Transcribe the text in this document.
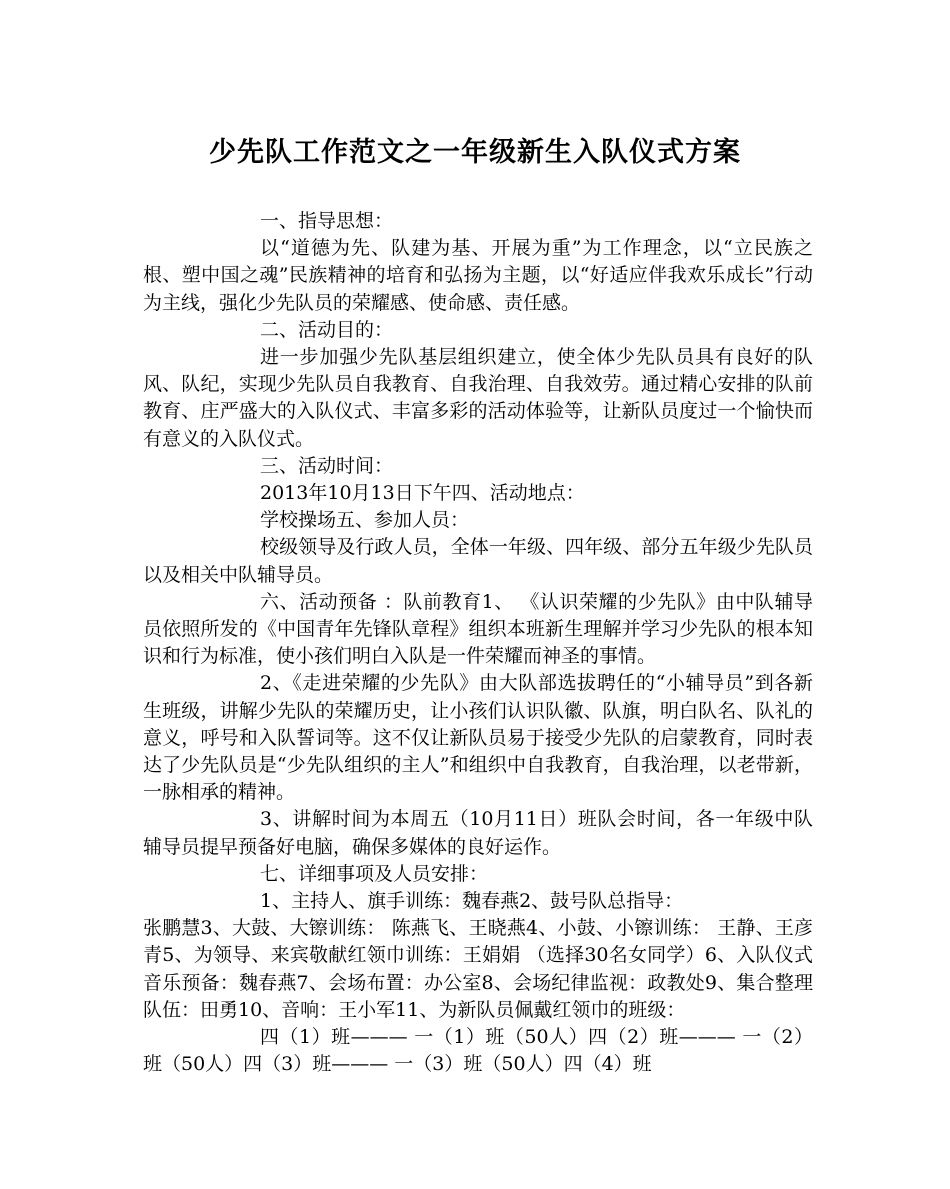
少先队工作范文之一年级新生入队仪式方案

一、指导思想：

以“道德为先、队建为基、开展为重”为工作理念，以“立民族之根、塑中国之魂”民族精神的培育和弘扬为主题，以“好适应伴我欢乐成长”行动为主线，强化少先队员的荣耀感、使命感、责任感。

二、活动目的：

进一步加强少先队基层组织建立，使全体少先队员具有良好的队风、队纪，实现少先队员自我教育、自我治理、自我效劳。通过精心安排的队前教育、庄严盛大的入队仪式、丰富多彩的活动体验等，让新队员度过一个愉快而有意义的入队仪式。

三、活动时间：

2013年10月13日下午四、活动地点：

学校操场五、参加人员：

校级领导及行政人员，全体一年级、四年级、部分五年级少先队员以及相关中队辅导员。

六、活动预备 ：队前教育1、 《认识荣耀的少先队》由中队辅导员依照所发的《中国青年先锋队章程》组织本班新生理解并学习少先队的根本知识和行为标准，使小孩们明白入队是一件荣耀而神圣的事情。

2、《走进荣耀的少先队》由大队部选拔聘任的“小辅导员”到各新生班级，讲解少先队的荣耀历史，让小孩们认识队徽、队旗，明白队名、队礼的意义，呼号和入队誓词等。这不仅让新队员易于接受少先队的启蒙教育，同时表达了少先队员是“少先队组织的主人”和组织中自我教育，自我治理，以老带新，一脉相承的精神。

3、讲解时间为本周五（10月11日）班队会时间，各一年级中队辅导员提早预备好电脑，确保多媒体的良好运作。

七、详细事项及人员安排：

1、主持人、旗手训练：魏春燕2、鼓号队总指导：

张鹏慧3、大鼓、大镲训练： 陈燕飞、王晓燕4、小鼓、小镲训练： 王静、王彦青5、为领导、来宾敬献红领巾训练：王娟娟 （选择30名女同学）6、入队仪式音乐预备：魏春燕7、会场布置：办公室8、会场纪律监视：政教处9、集合整理队伍：田勇10、音响：王小军11、为新队员佩戴红领巾的班级：

四（1）班——— 一（1）班（50人）四（2）班——— 一（2）班（50人）四（3）班——— 一（3）班（50人）四（4）班
